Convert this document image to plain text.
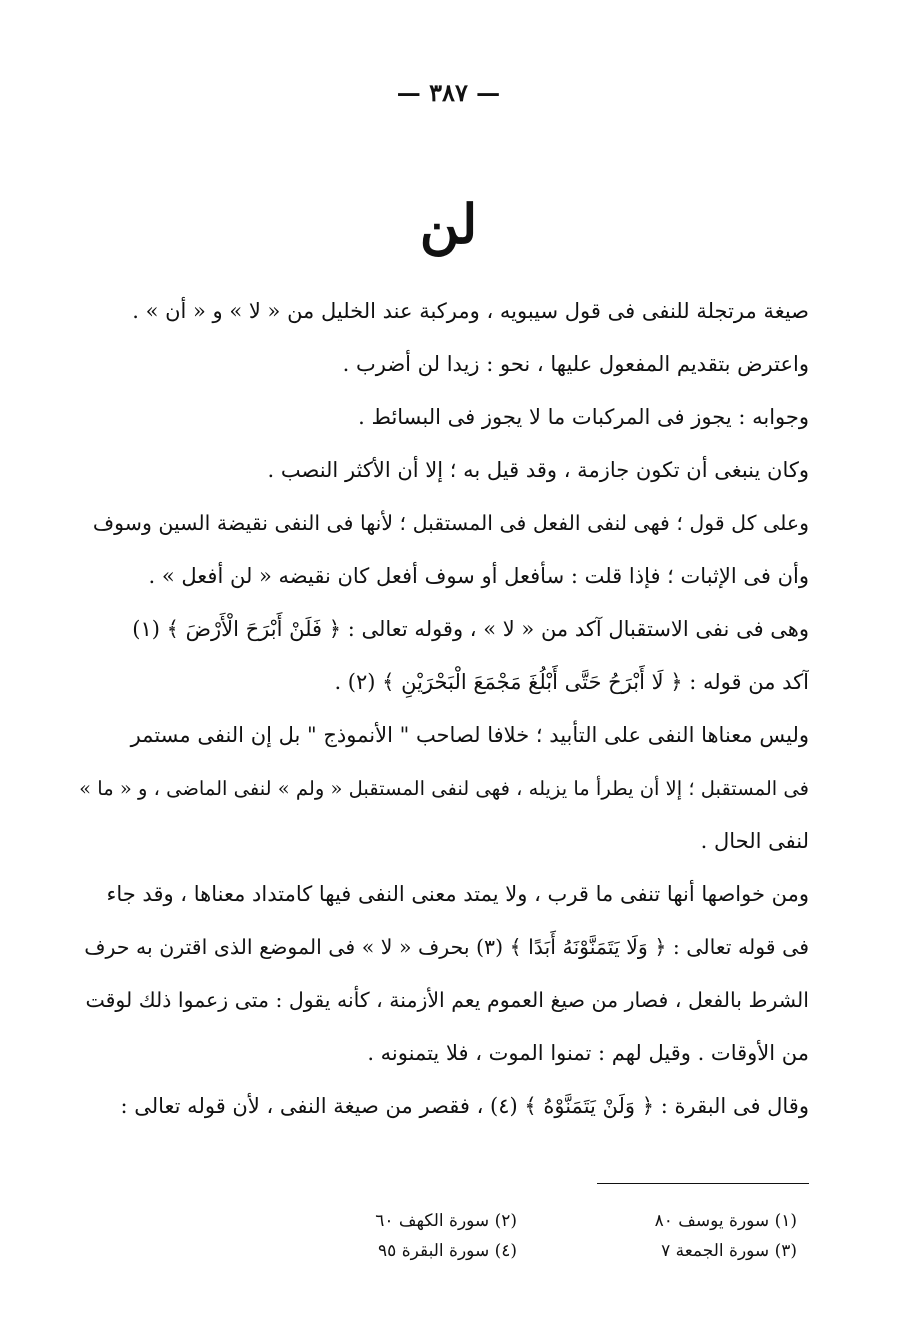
— ٣٨٧ —
لن
صيغة مرتجلة للنفى فى قول سيبويه ، ومركبة عند الخليل من « لا » و « أن » .
واعترض بتقديم المفعول عليها ، نحو : زيدا لن أضرب .
وجوابه : يجوز فى المركبات ما لا يجوز فى البسائط .
وكان ينبغى أن تكون جازمة ، وقد قيل به ؛ إلا أن الأكثر النصب .
وعلى كل قول ؛ فهى لنفى الفعل فى المستقبل ؛ لأنها فى النفى نقيضة السين وسوف
وأن فى الإثبات ؛ فإذا قلت : سأفعل أو سوف أفعل كان نقيضه « لن أفعل » .
وهى فى نفى الاستقبال آكد من « لا » ، وقوله تعالى : ﴿ فَلَنْ أَبْرَحَ الْأَرْضَ ﴾ (١)
آكد من قوله : ﴿ لَا أَبْرَحُ حَتَّى أَبْلُغَ مَجْمَعَ الْبَحْرَيْنِ ﴾ (٢) .
وليس معناها النفى على التأبيد ؛ خلافا لصاحب " الأنموذج " بل إن النفى مستمر
فى المستقبل ؛ إلا أن يطرأ ما يزيله ، فهى لنفى المستقبل « ولم » لنفى الماضى ، و « ما »
لنفى الحال .
ومن خواصها أنها تنفى ما قرب ، ولا يمتد معنى النفى فيها كامتداد معناها ، وقد جاء
فى قوله تعالى : ﴿ وَلَا يَتَمَنَّوْنَهُ أَبَدًا ﴾ (٣) بحرف « لا » فى الموضع الذى اقترن به حرف
الشرط بالفعل ، فصار من صيغ العموم يعم الأزمنة ، كأنه يقول : متى زعموا ذلك لوقت
من الأوقات . وقيل لهم : تمنوا الموت ، فلا يتمنونه .
وقال فى البقرة : ﴿ وَلَنْ يَتَمَنَّوْهُ ﴾ (٤) ، فقصر من صيغة النفى ، لأن قوله تعالى :
(١) سورة يوسف ٨٠
(٢) سورة الكهف ٦٠
(٣) سورة الجمعة ٧
(٤) سورة البقرة ٩٥
